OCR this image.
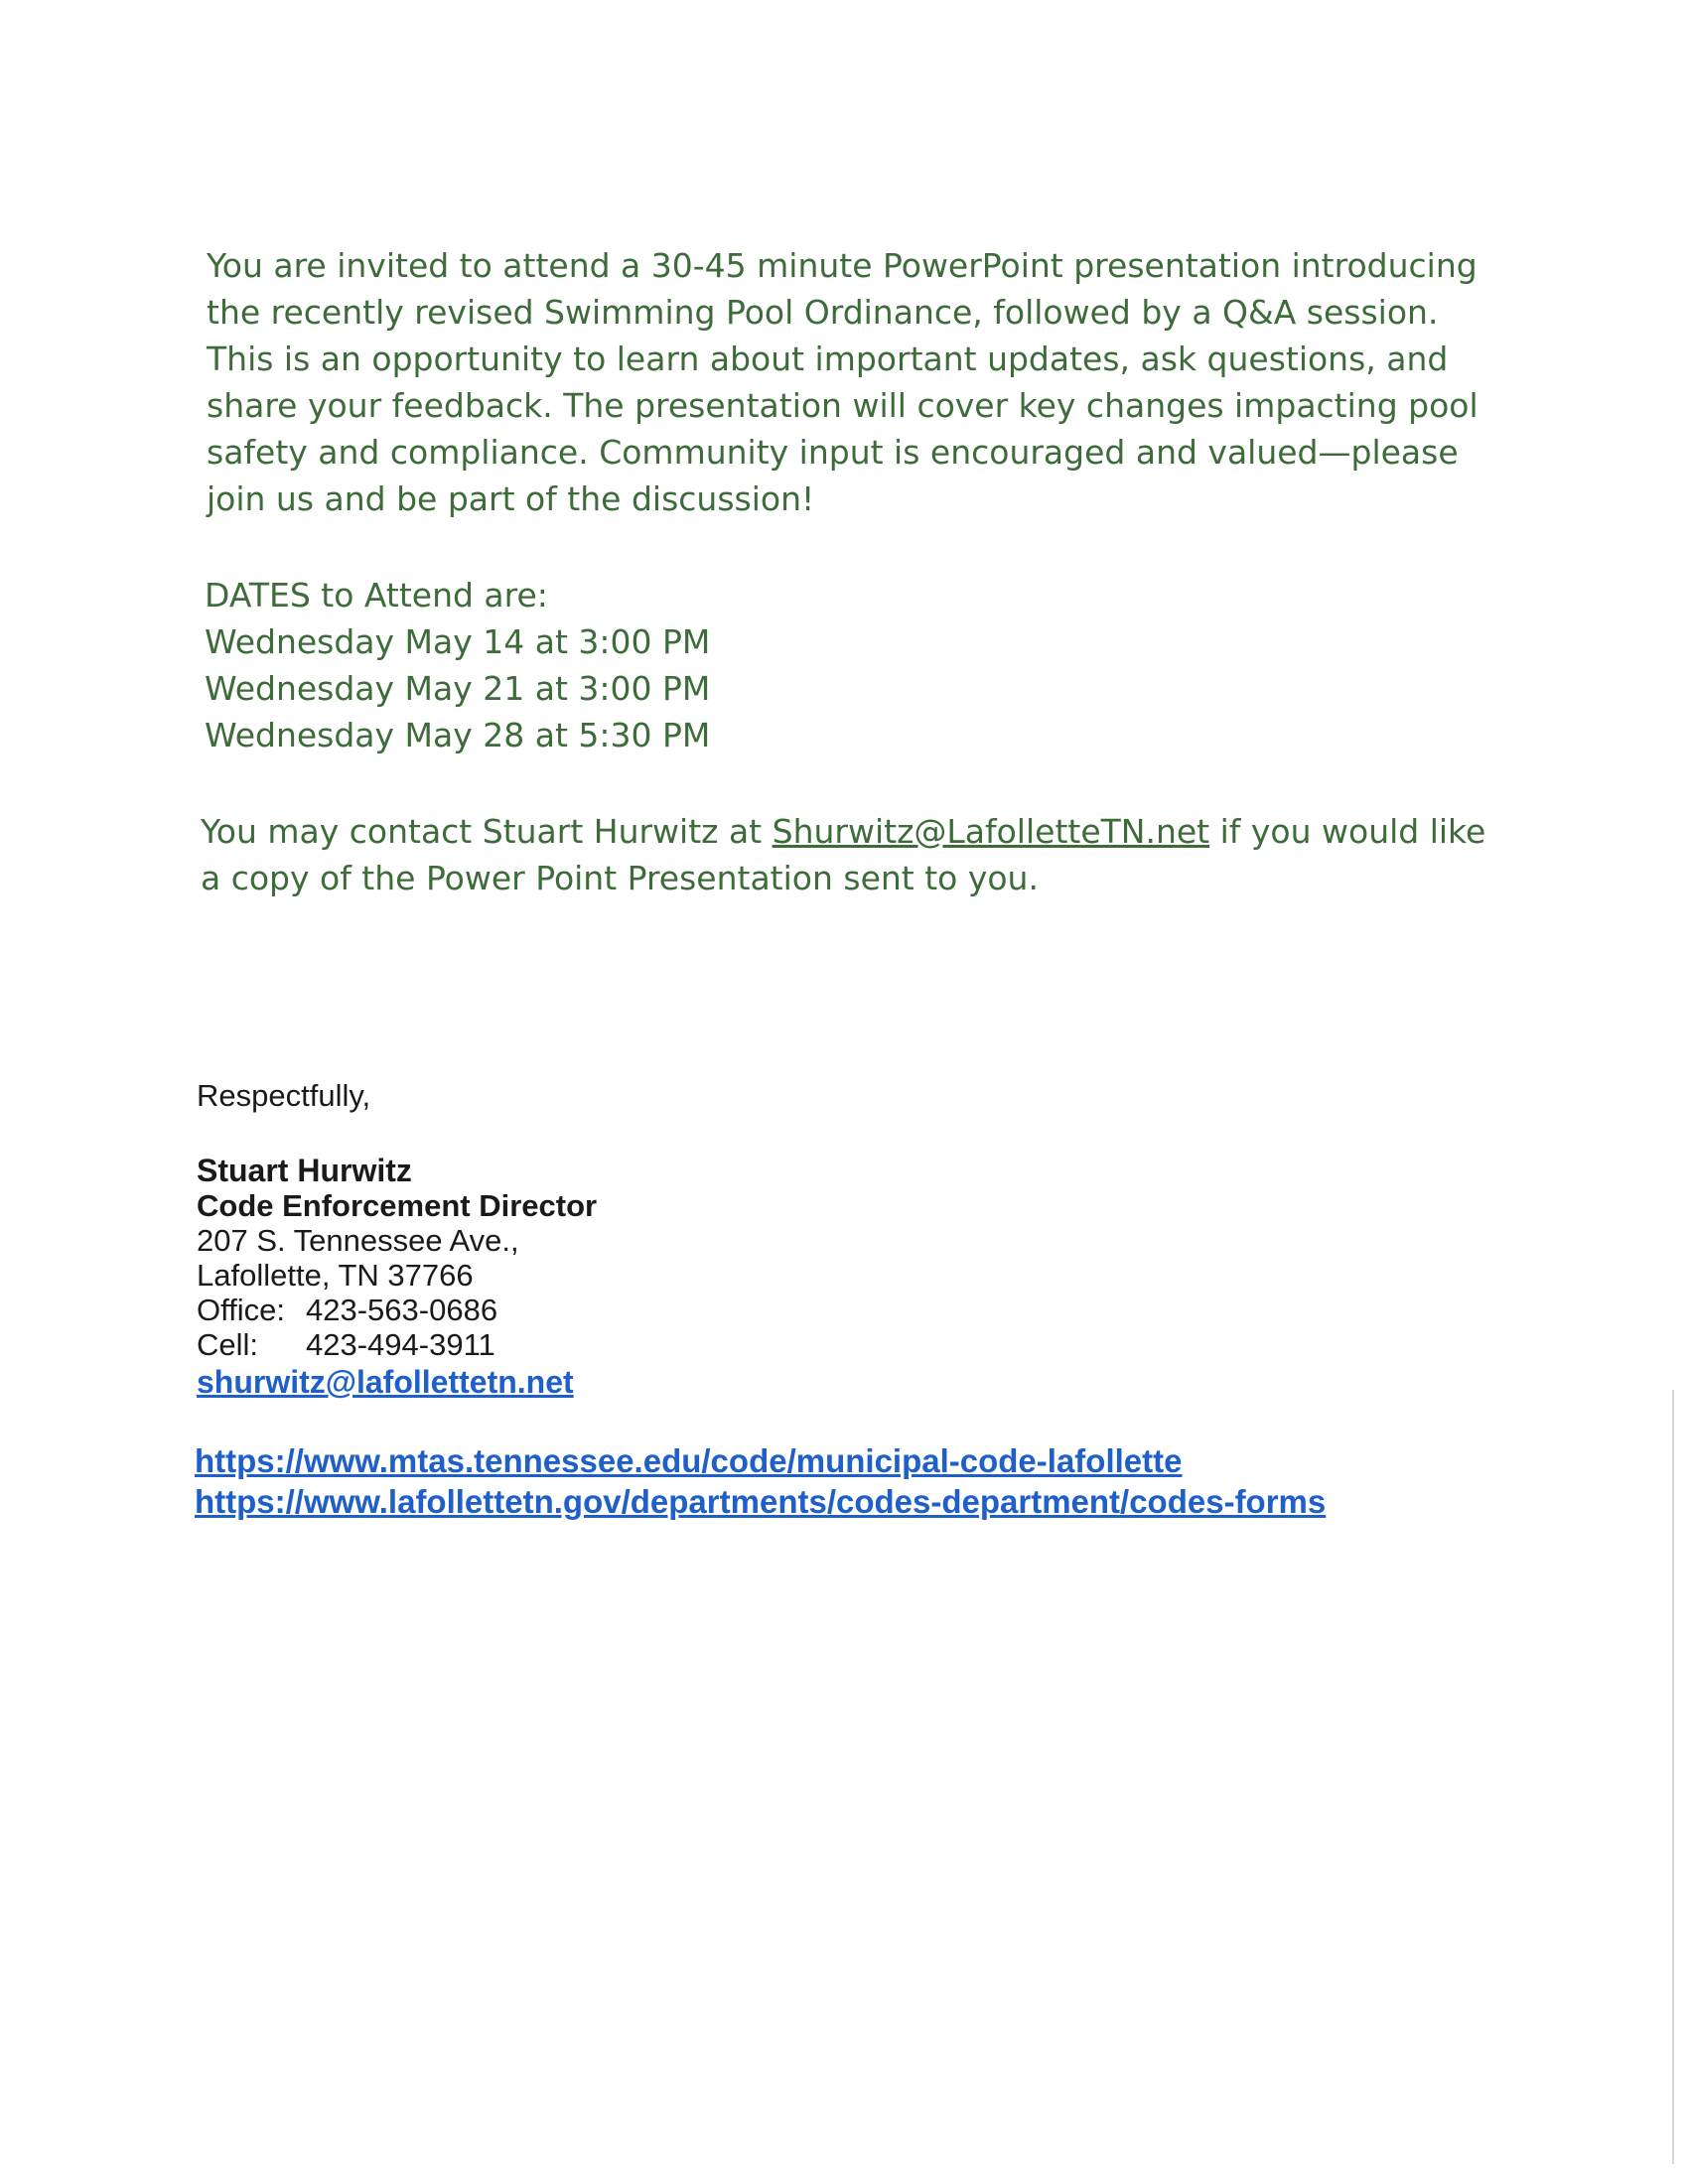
You are invited to attend a 30-45 minute PowerPoint presentation introducing the recently revised Swimming Pool Ordinance, followed by a Q&A session. This is an opportunity to learn about important updates, ask questions, and share your feedback. The presentation will cover key changes impacting pool safety and compliance. Community input is encouraged and valued—please join us and be part of the discussion!

DATES to Attend are:
Wednesday May 14 at 3:00 PM
Wednesday May 21 at 3:00 PM
Wednesday May 28 at 5:30 PM

You may contact Stuart Hurwitz at Shurwitz@LafolletteTN.net if you would like a copy of the Power Point Presentation sent to you.

Respectfully,

Stuart Hurwitz
Code Enforcement Director
207 S. Tennessee Ave.,
Lafollette, TN 37766
Office: 423-563-0686
Cell:	423-494-3911
shurwitz@lafollettetn.net
https://www.mtas.tennessee.edu/code/municipal-code-lafollette
https://www.lafollettetn.gov/departments/codes-department/codes-forms
